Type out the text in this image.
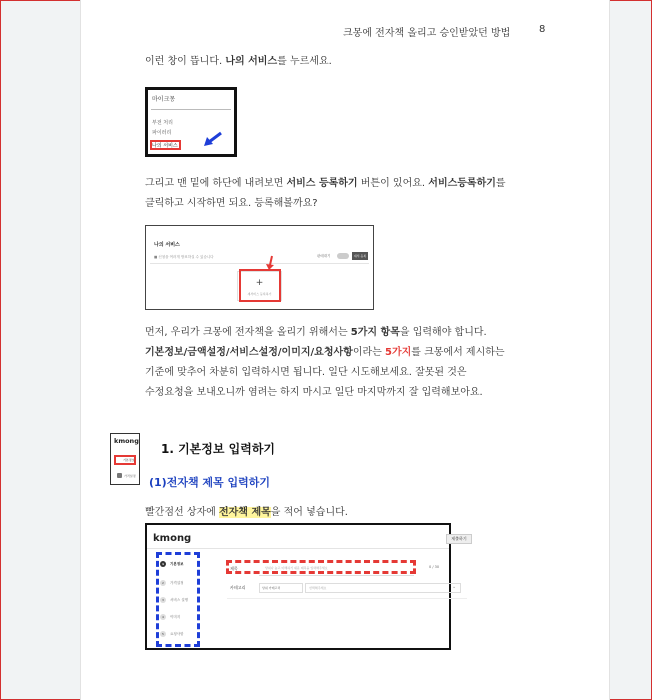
크몽에 전자책 올리고 승인받았던 방법	8
이런 창이 뜹니다. 나의 서비스를 누르세요.
마이크몽
부전 처리
파이러리
나의 서비스
그리고 맨 밑에 하단에 내려보면 서비스 등록하기 버튼이 있어요. 서비스등록하기를
클릭하고 시작하면 되요. 등록해볼까요?
나의 서비스
■ 신청을 여러개 방표하실 수 있습니다	판매대기	새서 등록
+
새서비스 등록하기
먼저, 우리가 크몽에 전자책을 올리기 위해서는 5가지 항목을 입력해야 합니다.
기본정보/금액설정/서비스설정/이미지/요청사항이라는 5가지를 크몽에서 제시하는
기준에 맞추어 차분히 입력하시면 됩니다. 일단 시도해보세요. 잘못된 것은
수정요청을 보내오니까 염려는 하지 마시고 일단 마지막까지 잘 입력해보아요.
kmong
기본정보
가격설정
1. 기본정보 입력하기
(1)전자책 제목 입력하기
빨간점선 상자에 전자책 제목을 적어 넣습니다.
kmong	제출하기
1 기본정보
2 가격설정
3 서비스 설명
4 이미지
5 요청사항
제목	상위나 높고 이해하기 쉬운 제목을 입력해주세요	0 / 30
카테고리	상위 카테고리	선택해주세요	⌄
